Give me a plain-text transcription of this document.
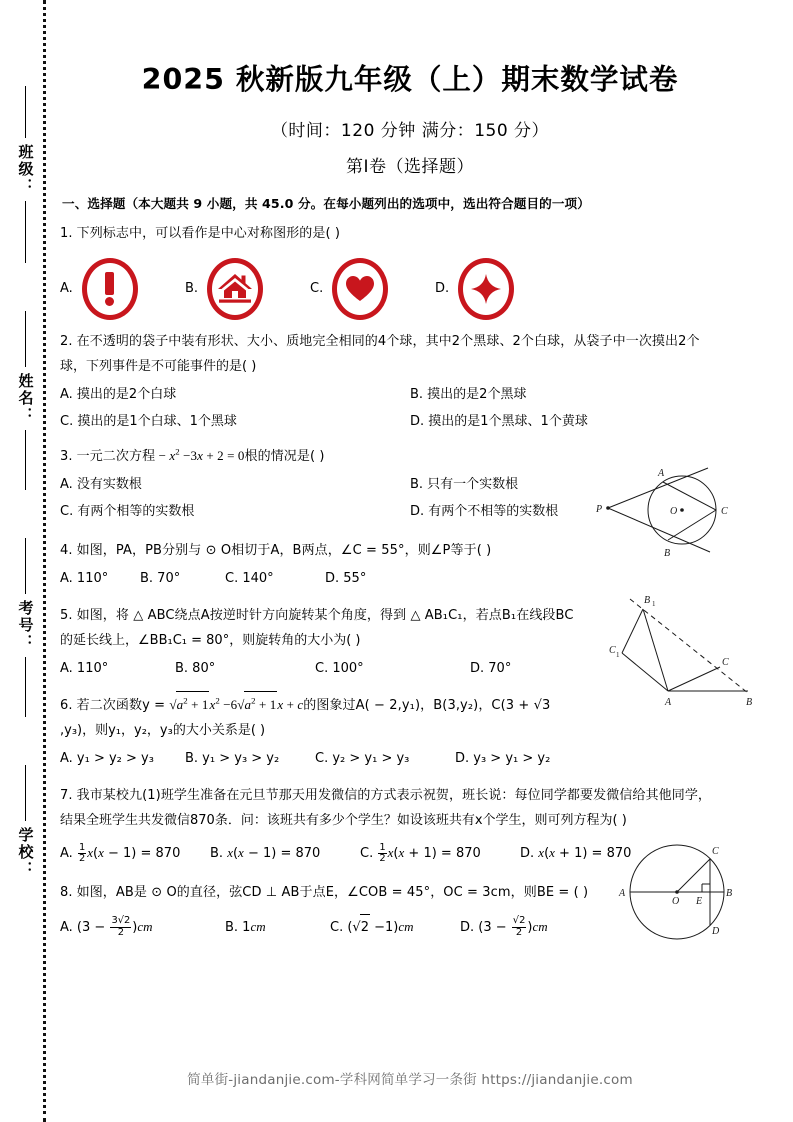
班级：
姓名：
考号：
学校：
2025 秋新版九年级（上）期末数学试卷
（时间：120 分钟 满分：150 分）
第Ⅰ卷（选择题）
一、选择题（本大题共 9 小题，共 45.0 分。在每小题列出的选项中，选出符合题目的一项）
1. 下列标志中，可以看作是中心对称图形的是( )
A.	B.	C.	D.
2. 在不透明的袋子中装有形状、大小、质地完全相同的4个球，其中2个黑球、2个白球，从袋子中一次摸出2个
球，下列事件是不可能事件的是( )
A. 摸出的是2个白球	B. 摸出的是2个黑球
C. 摸出的是1个白球、1个黑球	D. 摸出的是1个黑球、1个黄球
3. 一元二次方程 − $x^2 -3x + 2 = 0$根的情况是( )
A. 没有实数根	B. 只有一个实数根
C. 有两个相等的实数根	D. 有两个不相等的实数根
4. 如图，PA，PB分别与 ⊙ O相切于A，B两点，∠C = 55°，则∠P等于( )
A. 110°	B. 70°	C. 140°	D. 55°
P
A
B
C
O
5. 如图，将 △ ABC绕点A按逆时针方向旋转某个角度，得到 △ AB₁C₁，若点B₁在线段BC
的延长线上，∠BB₁C₁ = 80°，则旋转角的大小为( )
A. 110°	B. 80°	C. 100°	D. 70°
A	B
C
B 1
C 1
6. 若二次函数$y = √a^2 + 1x^2 -6√a^2 + 1x + c$的图象过A( − 2,y₁)，B(3,y₂)，C(3 + √3
,y₃)，则y₁，y₂，y₃的大小关系是( )
A. y₁ > y₂ > y₃	B. y₁ > y₃ > y₂	C. y₂ > y₁ > y₃	D. y₃ > y₁ > y₂
7. 我市某校九(1)班学生准备在元旦节那天用发微信的方式表示祝贺，班长说：每位同学都要发微信给其他同学，
结果全班学生共发微信870条．问：该班共有多少个学生？如设该班共有x个学生，则可列方程为( )
A. $\frac{1}{2} x(x - 1) = 870$	B. x(x − 1) = 870	C. $\frac{1}{2} x(x + 1) = 870$	D. x(x + 1) = 870
8. 如图，AB是 ⊙ O的直径，弦CD ⊥ AB于点E，∠COB = 45°，OC = 3cm，则BE = ( )
A. $(3 - \frac{3√2}{2} )cm$	B. 1cm	C. (√2 −1)cm	D. $(3 - \frac{√2}{2} )cm$
A	B
C
D
E
O
简单街-jiandanjie.com-学科网简单学习一条街 https://jiandanjie.com
